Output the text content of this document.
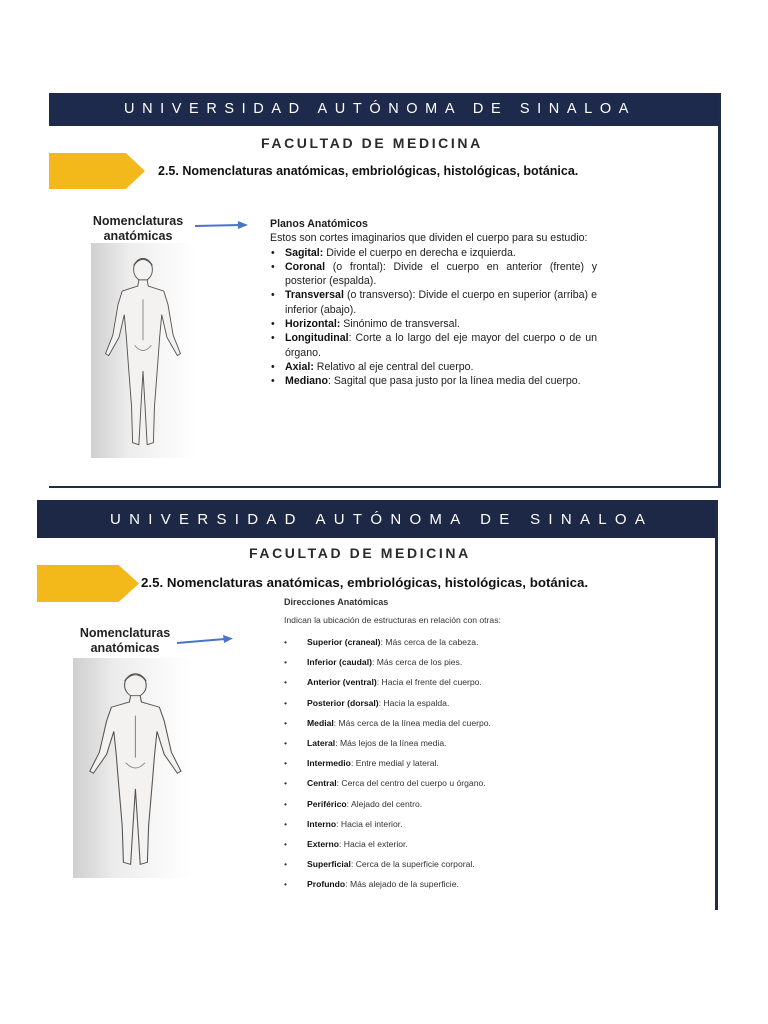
UNIVERSIDAD AUTÓNOMA DE SINALOA
FACULTAD DE MEDICINA
2.5. Nomenclaturas anatómicas, embriológicas, histológicas, botánica.
Nomenclaturas
anatómicas
Planos Anatómicos
Estos son cortes imaginarios que dividen el cuerpo para su estudio:
• Sagital: Divide el cuerpo en derecha e izquierda.
• Coronal (o frontal): Divide el cuerpo en anterior (frente) y posterior (espalda).
• Transversal (o transverso): Divide el cuerpo en superior (arriba) e inferior (abajo).
• Horizontal: Sinónimo de transversal.
• Longitudinal: Corte a lo largo del eje mayor del cuerpo o de un órgano.
• Axial: Relativo al eje central del cuerpo.
• Mediano: Sagital que pasa justo por la línea media del cuerpo.
UNIVERSIDAD AUTÓNOMA DE SINALOA
FACULTAD DE MEDICINA
2.5. Nomenclaturas anatómicas, embriológicas, histológicas, botánica.
Nomenclaturas
anatómicas
Direcciones Anatómicas
Indican la ubicación de estructuras en relación con otras:
• Superior (craneal): Más cerca de la cabeza.
• Inferior (caudal): Más cerca de los pies.
• Anterior (ventral): Hacia el frente del cuerpo.
• Posterior (dorsal): Hacia la espalda.
• Medial: Más cerca de la línea media del cuerpo.
• Lateral: Más lejos de la línea media.
• Intermedio: Entre medial y lateral.
• Central: Cerca del centro del cuerpo u órgano.
• Periférico: Alejado del centro.
• Interno: Hacia el interior.
• Externo: Hacia el exterior.
• Superficial: Cerca de la superficie corporal.
• Profundo: Más alejado de la superficie.
